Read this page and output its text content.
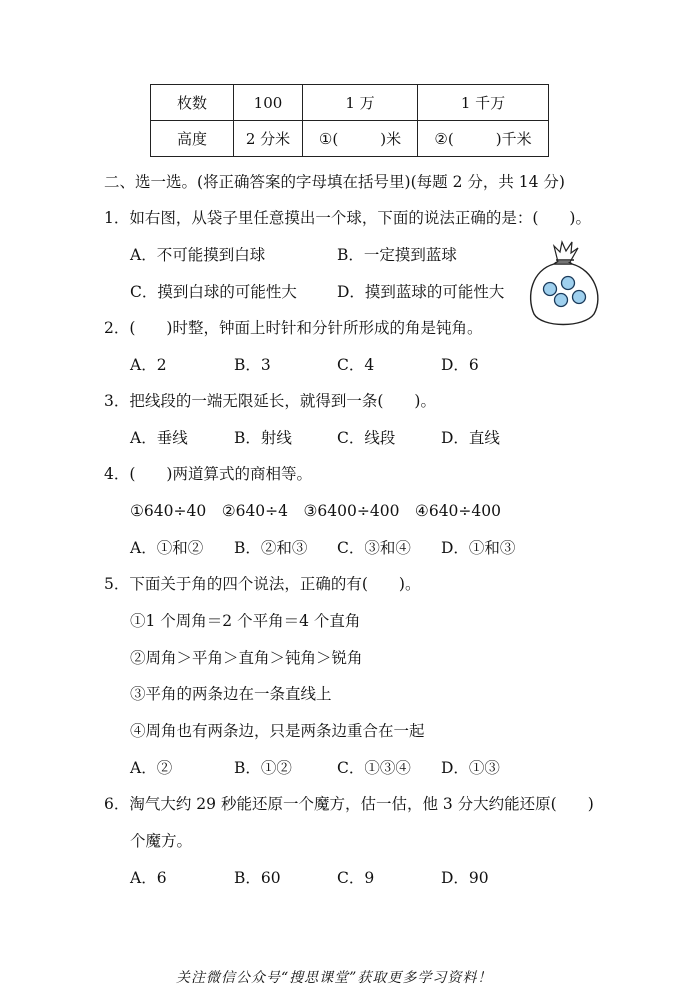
枚数	100	1 万	1 千万
高度	2 分米	①( )米	②( )千米
二、选一选。(将正确答案的字母填在括号里)(每题 2 分，共 14 分)
1．如右图，从袋子里任意摸出一个球，下面的说法正确的是：(　　)。
A．不可能摸到白球	B．一定摸到蓝球
C．摸到白球的可能性大	D．摸到蓝球的可能性大
2．(　　)时整，钟面上时针和分针所形成的角是钝角。
A．2	B．3	C．4	D．6
3．把线段的一端无限延长，就得到一条(　　)。
A．垂线	B．射线	C．线段	D．直线
4．(　　)两道算式的商相等。
①640÷40　②640÷4　③6400÷400　④640÷400
A．①和② B．②和③ C．③和④ D．①和③
5．下面关于角的四个说法，正确的有(　　)。
①1 个周角＝2 个平角＝4 个直角
②周角＞平角＞直角＞钝角＞锐角
③平角的两条边在一条直线上
④周角也有两条边，只是两条边重合在一起
A．②	B．①②	C．①③④ D．①③
6．淘气大约 29 秒能还原一个魔方，估一估，他 3 分大约能还原(　　)
个魔方。
A．6	B．60	C．9	D．90
关注微信公众号“搜思课堂”获取更多学习资料！
